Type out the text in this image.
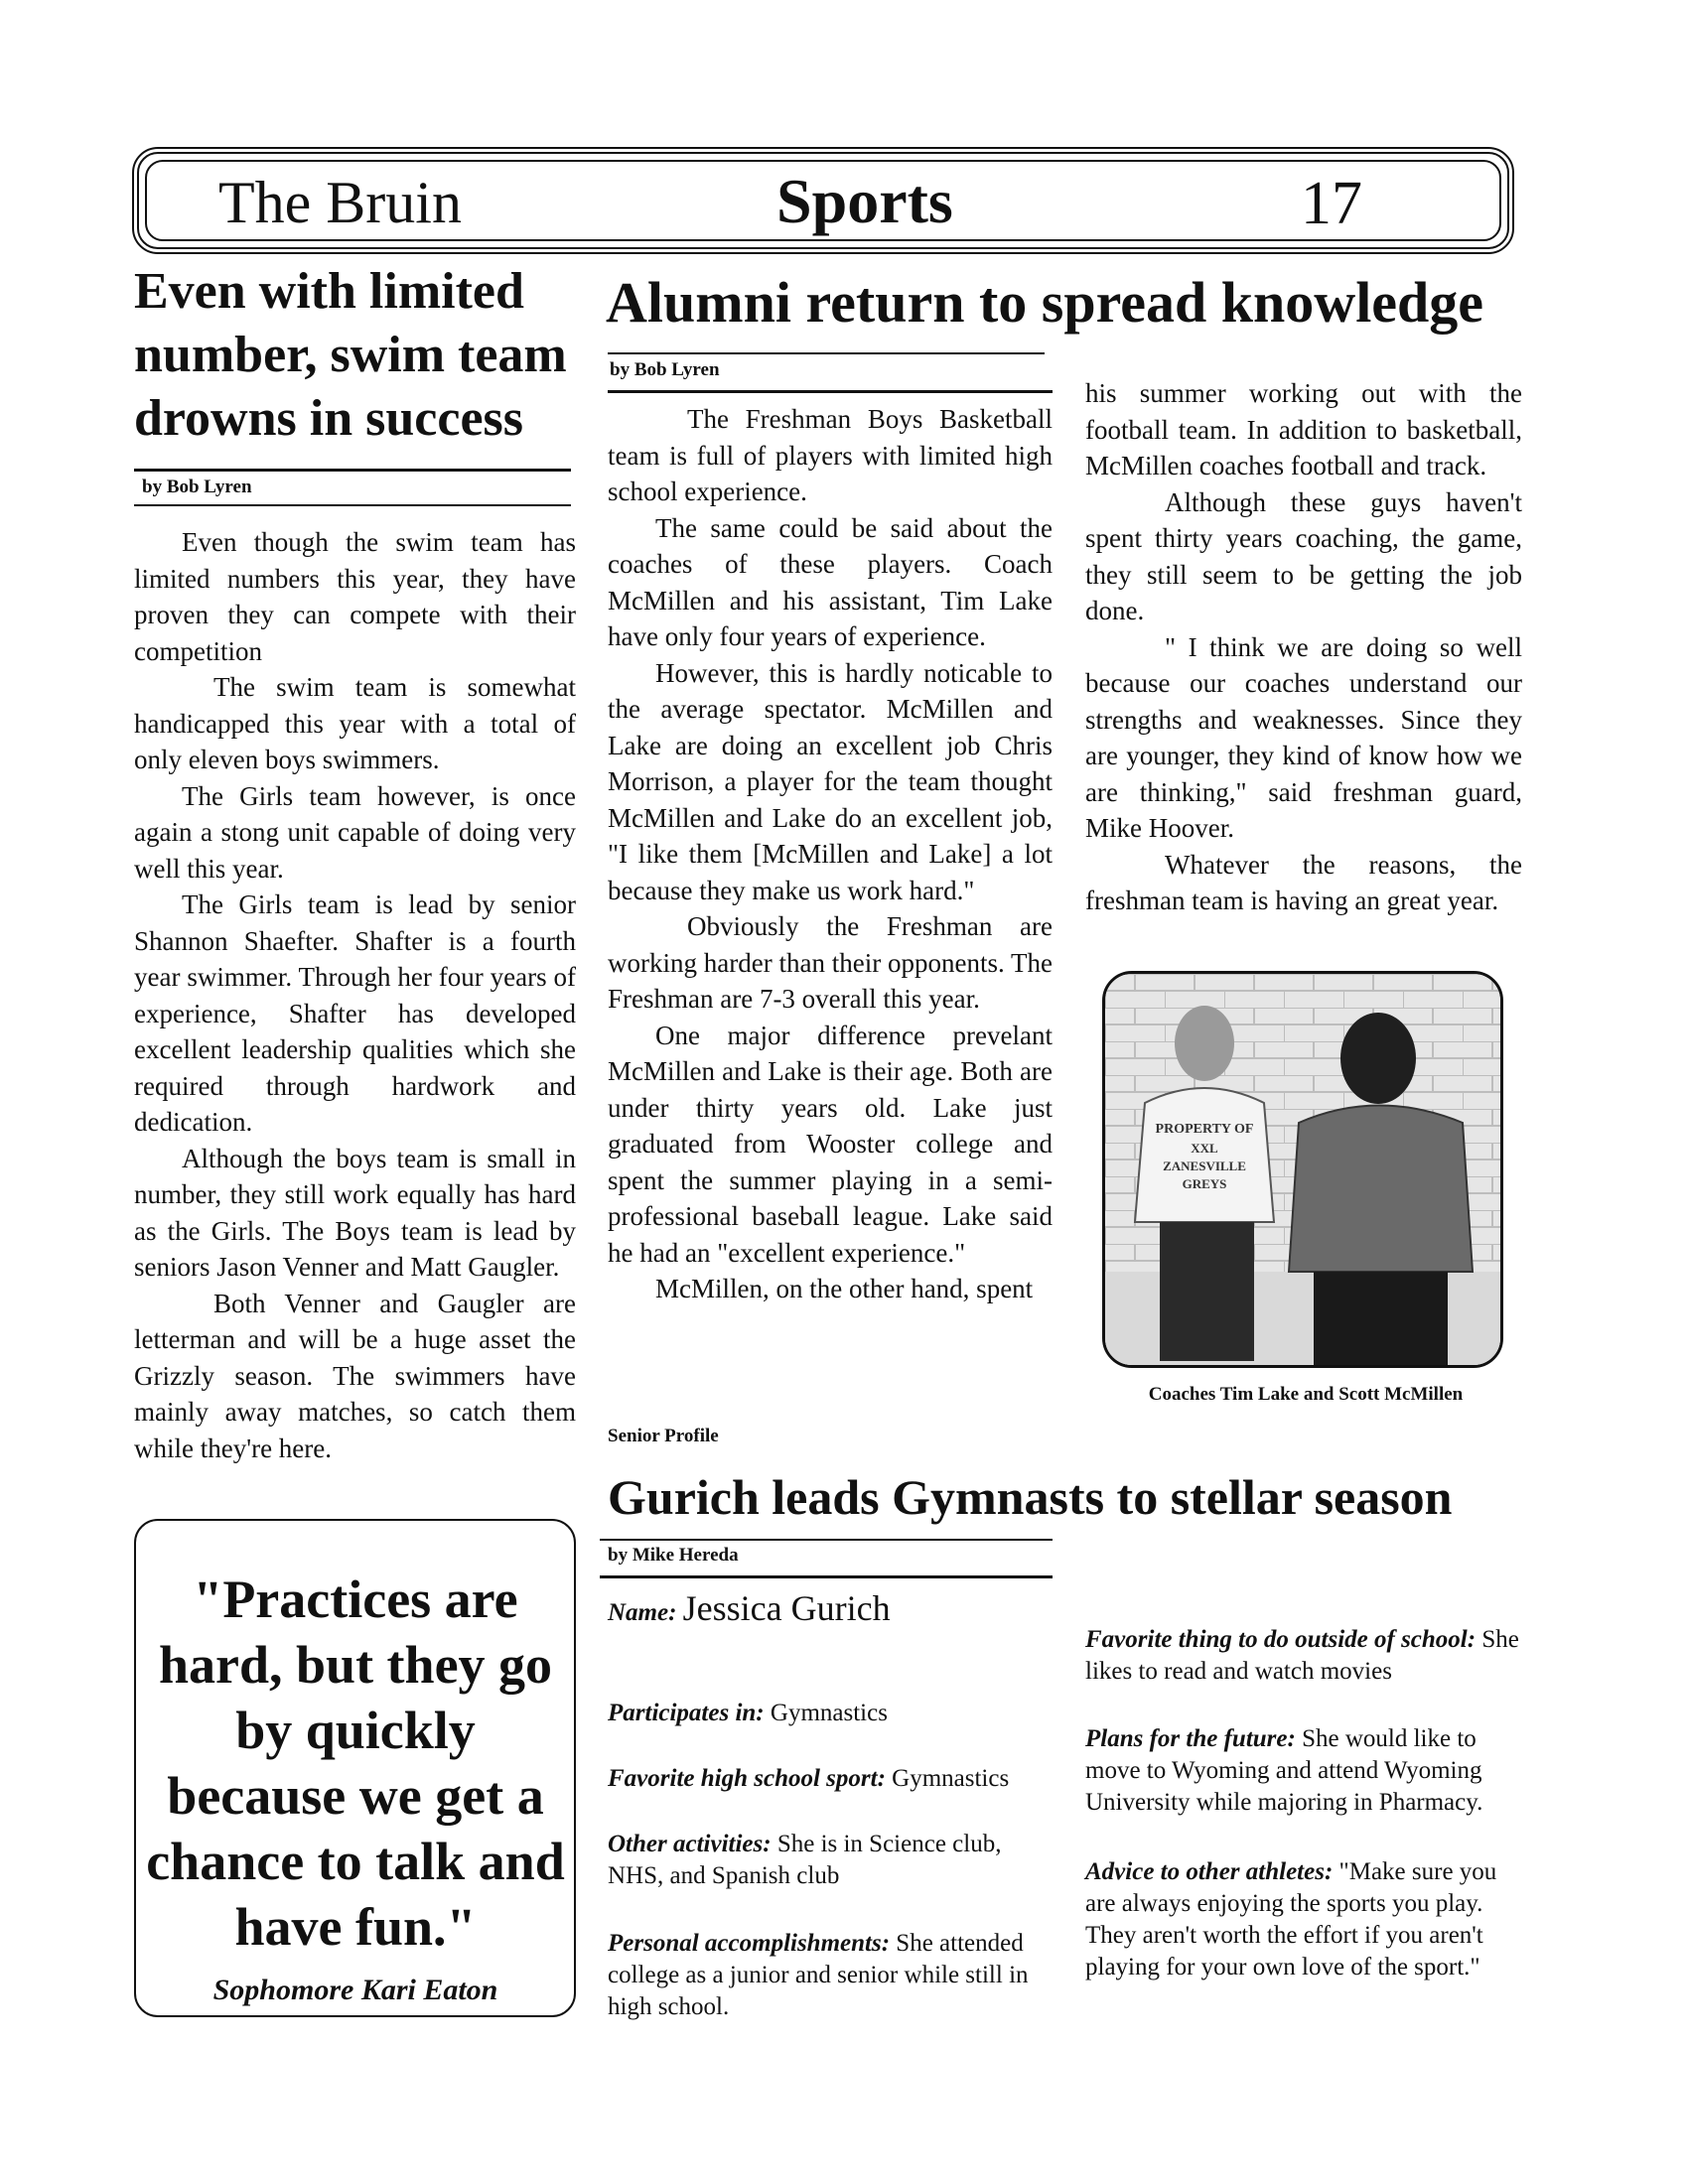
The Bruin	Sports	17
Even with limited number, swim team drowns in success
by Bob Lyren

Even though the swim team has limited numbers this year, they have proven they can compete with their competition

The swim team is somewhat handicapped this year with a total of only eleven boys swimmers.

The Girls team however, is once again a stong unit capable of doing very well this year.

The Girls team is lead by senior Shannon Shaefter. Shafter is a fourth year swimmer. Through her four years of experience, Shafter has developed excellent leadership qualities which she required through hardwork and dedication.

Although the boys team is small in number, they still work equally has hard as the Girls. The Boys team is lead by seniors Jason Venner and Matt Gaugler.

Both Venner and Gaugler are letterman and will be a huge asset the Grizzly season. The swimmers have mainly away matches, so catch them while they're here.

Alumni return to spread knowledge
by Bob Lyren

The Freshman Boys Basketball team is full of players with limited high school experience.

The same could be said about the coaches of these players. Coach McMillen and his assistant, Tim Lake have only four years of experience.

However, this is hardly noticable to the average spectator. McMillen and Lake are doing an excellent job Chris Morrison, a player for the team thought McMillen and Lake do an excellent job, "I like them [McMillen and Lake] a lot because they make us work hard."

Obviously the Freshman are working harder than their opponents. The Freshman are 7-3 overall this year.

One major difference prevelant McMillen and Lake is their age. Both are under thirty years old. Lake just graduated from Wooster college and spent the summer playing in a semi-professional baseball league. Lake said he had an "excellent experience."

McMillen, on the other hand, spent

his summer working out with the football team. In addition to basketball, McMillen coaches football and track.

Although these guys haven't spent thirty years coaching, the game, they still seem to be getting the job done.

" I think we are doing so well because our coaches understand our strengths and weaknesses. Since they are younger, they kind of know how we are thinking," said freshman guard, Mike Hoover.

Whatever the reasons, the freshman team is having an great year.

PROPERTY OF
XXL
ZANESVILLE
GREYS
Coaches Tim Lake and Scott McMillen
"Practices are hard, but they go by quickly because we get a chance to talk and have fun."
Sophomore Kari Eaton
Senior Profile
Gurich leads Gymnasts to stellar season
by Mike Hereda
Name: Jessica Gurich
Participates in: Gymnastics
Favorite high school sport: Gymnastics
Other activities: She is in Science club, NHS, and Spanish club
Personal accomplishments: She attended college as a junior and senior while still in high school.
Favorite thing to do outside of school: She likes to read and watch movies
Plans for the future: She would like to move to Wyoming and attend Wyoming University while majoring in Pharmacy.
Advice to other athletes: "Make sure you are always enjoying the sports you play. They aren't worth the effort if you aren't playing for your own love of the sport."
